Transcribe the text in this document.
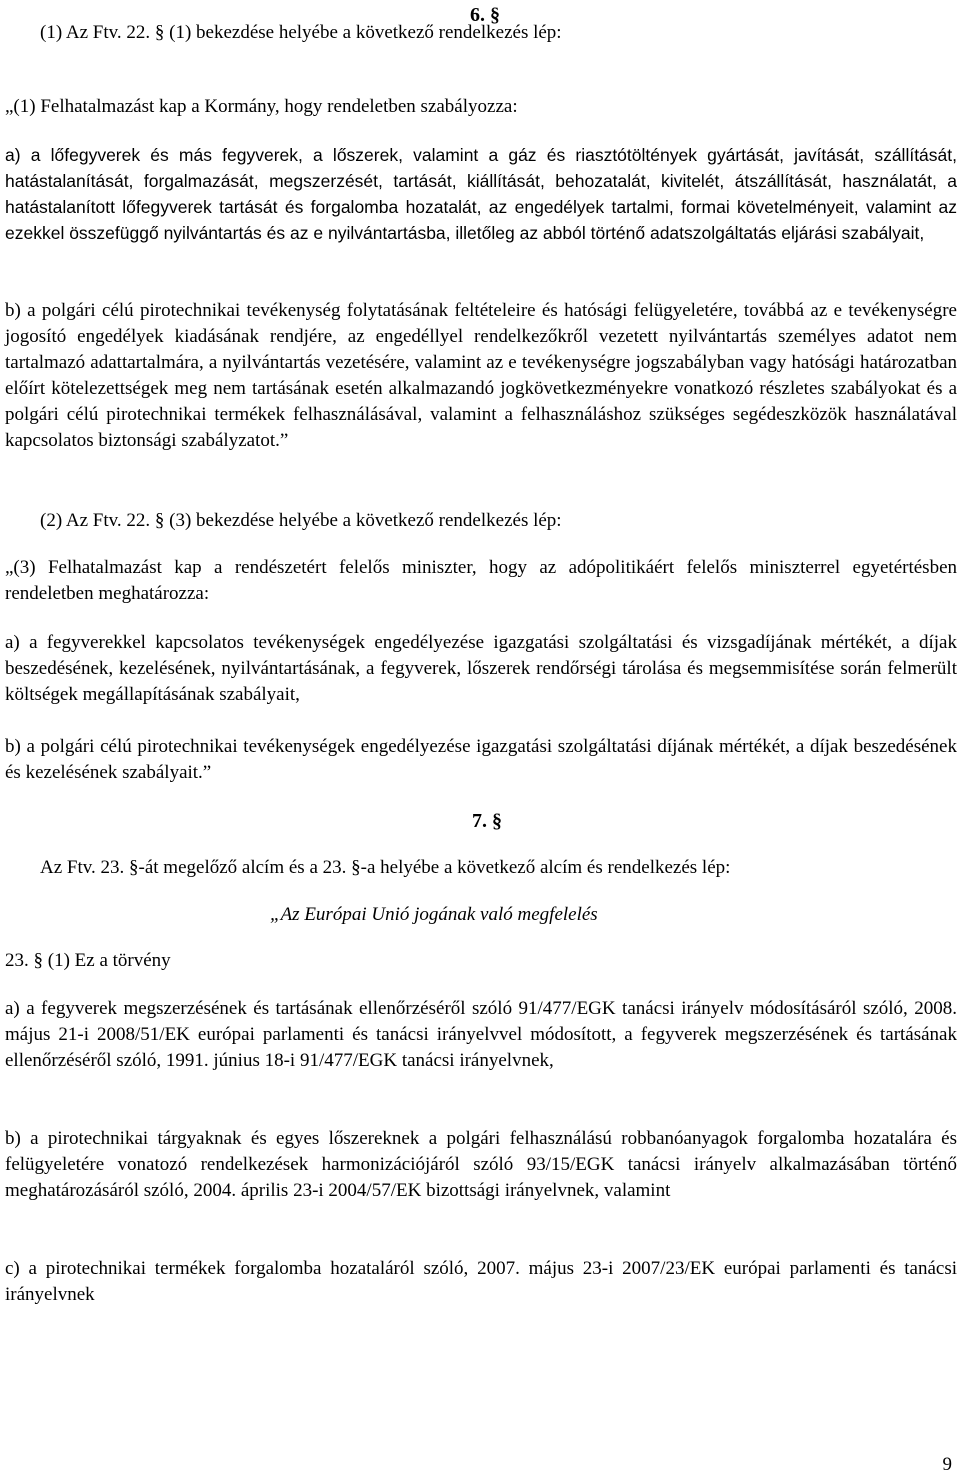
6. §
(1) Az Ftv. 22. § (1) bekezdése helyébe a következő rendelkezés lép:
„(1) Felhatalmazást kap a Kormány, hogy rendeletben szabályozza:
a) a lőfegyverek és más fegyverek, a lőszerek, valamint a gáz és riasztótöltények gyártását, javítását, szállítását, hatástalanítását, forgalmazását, megszerzését, tartását, kiállítását, behozatalát, kivitelét, átszállítását, használatát, a hatástalanított lőfegyverek tartását és forgalomba hozatalát, az engedélyek tartalmi, formai követelményeit, valamint az ezekkel összefüggő nyilvántartás és az e nyilvántartásba, illetőleg az abból történő adatszolgáltatás eljárási szabályait,
b) a polgári célú pirotechnikai tevékenység folytatásának feltételeire és hatósági felügyeletére, továbbá az e tevékenységre jogosító engedélyek kiadásának rendjére, az engedéllyel rendelkezőkről vezetett nyilvántartás személyes adatot nem tartalmazó adattartalmára, a nyilvántartás vezetésére, valamint az e tevékenységre jogszabályban vagy hatósági határozatban előírt kötelezettségek meg nem tartásának esetén alkalmazandó jogkövetkezményekre vonatkozó részletes szabályokat és a polgári célú pirotechnikai termékek felhasználásával, valamint a felhasználáshoz szükséges segédeszközök használatával kapcsolatos biztonsági szabályzatot.”
(2) Az Ftv. 22. § (3) bekezdése helyébe a következő rendelkezés lép:
„(3) Felhatalmazást kap a rendészetért felelős miniszter, hogy az adópolitikáért felelős miniszterrel egyetértésben rendeletben meghatározza:
a) a fegyverekkel kapcsolatos tevékenységek engedélyezése igazgatási szolgáltatási és vizsgadíjának mértékét, a díjak beszedésének, kezelésének, nyilvántartásának, a fegyverek, lőszerek rendőrségi tárolása és megsemmisítése során felmerült költségek megállapításának szabályait,
b) a polgári célú pirotechnikai tevékenységek engedélyezése igazgatási szolgáltatási díjának mértékét, a díjak beszedésének és kezelésének szabályait.”
7. §
Az Ftv. 23. §-át megelőző alcím és a 23. §-a helyébe a következő alcím és rendelkezés lép:
„Az Európai Unió jogának való megfelelés
23. § (1) Ez a törvény
a) a fegyverek megszerzésének és tartásának ellenőrzéséről szóló 91/477/EGK tanácsi irányelv módosításáról szóló, 2008. május 21-i 2008/51/EK európai parlamenti és tanácsi irányelvvel módosított, a fegyverek megszerzésének és tartásának ellenőrzéséről szóló, 1991. június 18-i 91/477/EGK tanácsi irányelvnek,
b) a pirotechnikai tárgyaknak és egyes lőszereknek a polgári felhasználású robbanóanyagok forgalomba hozatalára és felügyeletére vonatozó rendelkezések harmonizációjáról szóló 93/15/EGK tanácsi irányelv alkalmazásában történő meghatározásáról szóló, 2004. április 23-i 2004/57/EK bizottsági irányelvnek, valamint
c) a pirotechnikai termékek forgalomba hozataláról szóló, 2007. május 23-i 2007/23/EK európai parlamenti és tanácsi irányelvnek
9
